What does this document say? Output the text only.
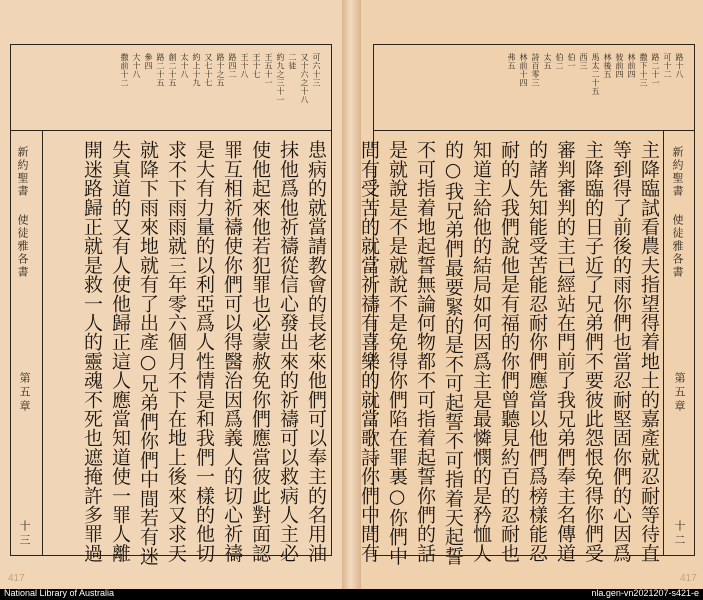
可六十三
又十六之十八
二徒
約九之三十一
王五十一
王十七
王十八
路四二
路十之五
又七十七
約上十九
太十八
創二十五
路二十五
參四
大十八
撒前十二
新約聖書
使徒雅各書
第五章
十三	患病的就當請教會的長老來他們可以奉主的名用油
抹他爲他祈禱從信心發出來的祈禱可以救病人主必
使他起來他若犯罪也必蒙赦免你們應當彼此對面認
罪互相祈禱使你們可以得醫治因爲義人的切心祈禱
是大有力量的以利亞爲人性情是和我們一樣的他切
求不下雨雨就三年零六個月不下在地上後來又求天
就降下雨來地就有了出產○兄弟們你們中間若有迷
失真道的又有人使他歸正這人應當知道使一罪人離
開迷路歸正就是救一人的靈魂不死也遮掩許多罪過
417
路十八
可十二
路二十一
撒下十三
林前四
彼前四
林後五
馬太二十五
西三
伯一
伯二
太五
詩百零三
林前十四
弗五
新約聖書
使徒雅各書
第五章
十二
主降臨試看農夫指望得着地土的嘉產就忍耐等待直
等到得了前後的雨你們也當忍耐堅固你們的心因爲
主降臨的日子近了兄弟們不要彼此怨恨免得你們受
審判審判的主已經站在門前了我兄弟們奉主名傳道
的諸先知能受苦能忍耐你們應當以他們爲榜樣能忍
耐的人我們說他是有福的你們曾聽見約百的忍耐也
知道主給他的結局如何因爲主是最憐憫的是矜恤人
的○我兄弟們最要緊的是不可起誓不可指着天起誓
不可指着地起誓無論何物都不可指着起誓你們的話
是就說是不是就說不是免得你們陷在罪裏○你們中
間有受苦的就當祈禱有喜樂的就當歌詩你們中間有
417
National Library of Australia	nla.gen-vn2021207-s421-e
